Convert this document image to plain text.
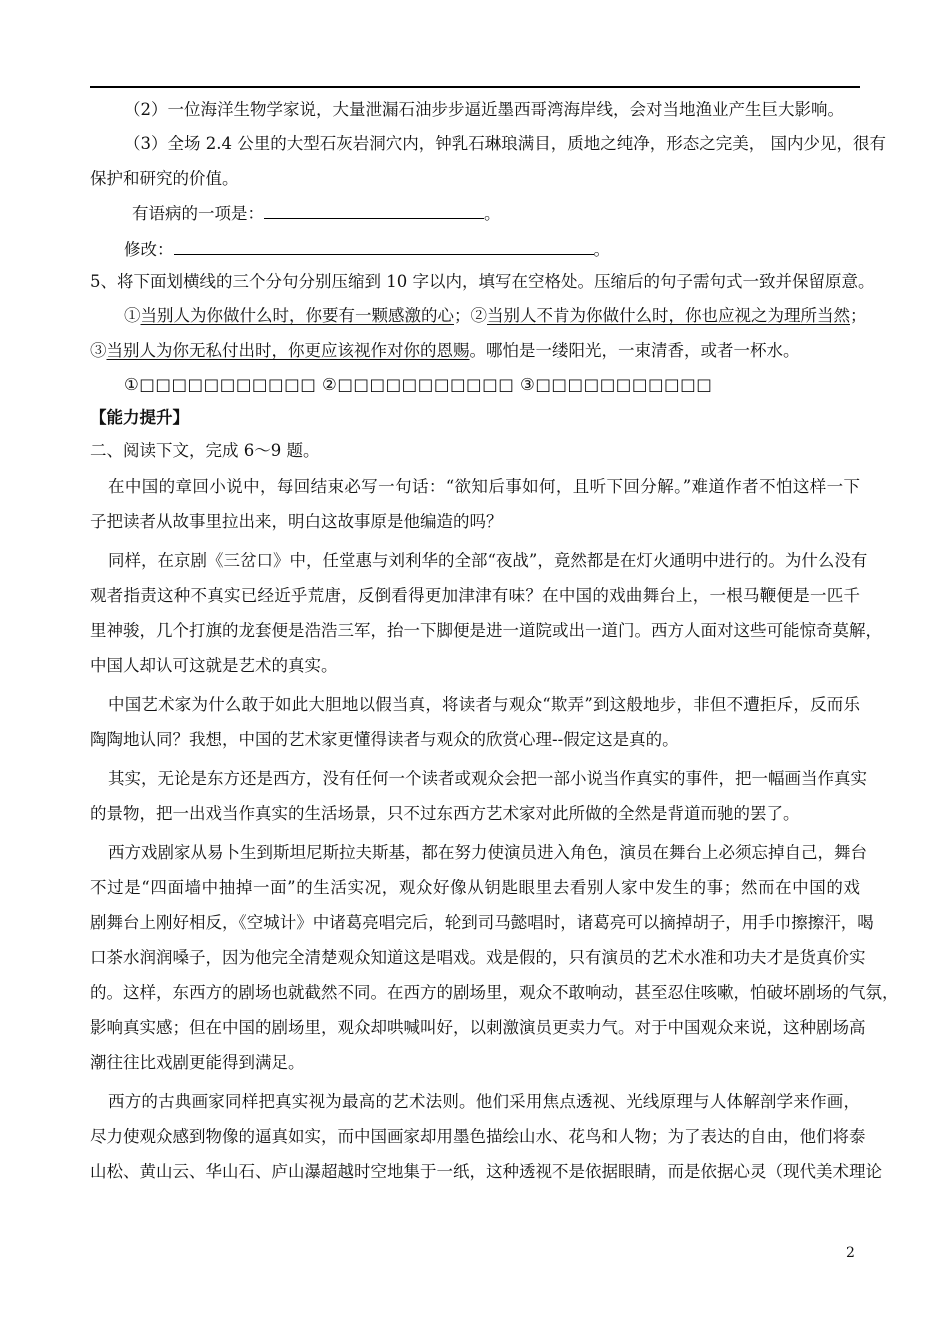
（2）一位海洋生物学家说，大量泄漏石油步步逼近墨西哥湾海岸线，会对当地渔业产生巨大影响。
（3）全场 2.4 公里的大型石灰岩洞穴内，钟乳石琳琅满目，质地之纯净，形态之完美， 国内少见，很有
保护和研究的价值。
有语病的一项是：	。
修改：	。
5、将下面划横线的三个分句分别压缩到 10 字以内，填写在空格处。压缩后的句子需句式一致并保留原意。
①当别人为你做什么时，你要有一颗感激的心；②当别人不肯为你做什么时，你也应视之为理所当然；
③当别人为你无私付出时，你更应该视作对你的恩赐。哪怕是一缕阳光，一束清香，或者一杯水。
①□□□□□□□□□□□ ②□□□□□□□□□□□ ③□□□□□□□□□□□
【能力提升】
二、阅读下文，完成 6～9 题。
在中国的章回小说中，每回结束必写一句话：“欲知后事如何，且听下回分解。”难道作者不怕这样一下
子把读者从故事里拉出来，明白这故事原是他编造的吗？
同样，在京剧《三岔口》中，任堂惠与刘利华的全部“夜战”，竟然都是在灯火通明中进行的。为什么没有
观者指责这种不真实已经近乎荒唐，反倒看得更加津津有味？在中国的戏曲舞台上，一根马鞭便是一匹千
里神骏，几个打旗的龙套便是浩浩三军，抬一下脚便是进一道院或出一道门。西方人面对这些可能惊奇莫解，
中国人却认可这就是艺术的真实。
中国艺术家为什么敢于如此大胆地以假当真，将读者与观众“欺弄”到这般地步，非但不遭拒斥，反而乐
陶陶地认同？我想，中国的艺术家更懂得读者与观众的欣赏心理--假定这是真的。
其实，无论是东方还是西方，没有任何一个读者或观众会把一部小说当作真实的事件，把一幅画当作真实
的景物，把一出戏当作真实的生活场景，只不过东西方艺术家对此所做的全然是背道而驰的罢了。
西方戏剧家从易卜生到斯坦尼斯拉夫斯基，都在努力使演员进入角色，演员在舞台上必须忘掉自己，舞台
不过是“四面墙中抽掉一面”的生活实况，观众好像从钥匙眼里去看别人家中发生的事；然而在中国的戏
剧舞台上刚好相反，《空城计》中诸葛亮唱完后，轮到司马懿唱时，诸葛亮可以摘掉胡子，用手巾擦擦汗，喝
口茶水润润嗓子，因为他完全清楚观众知道这是唱戏。戏是假的，只有演员的艺术水准和功夫才是货真价实
的。这样，东西方的剧场也就截然不同。在西方的剧场里，观众不敢响动，甚至忍住咳嗽，怕破坏剧场的气氛，
影响真实感；但在中国的剧场里，观众却哄喊叫好，以刺激演员更卖力气。对于中国观众来说，这种剧场高
潮往往比戏剧更能得到满足。
西方的古典画家同样把真实视为最高的艺术法则。他们采用焦点透视、光线原理与人体解剖学来作画，
尽力使观众感到物像的逼真如实，而中国画家却用墨色描绘山水、花鸟和人物；为了表达的自由，他们将泰
山松、黄山云、华山石、庐山瀑超越时空地集于一纸，这种透视不是依据眼睛，而是依据心灵（现代美术理论
2
